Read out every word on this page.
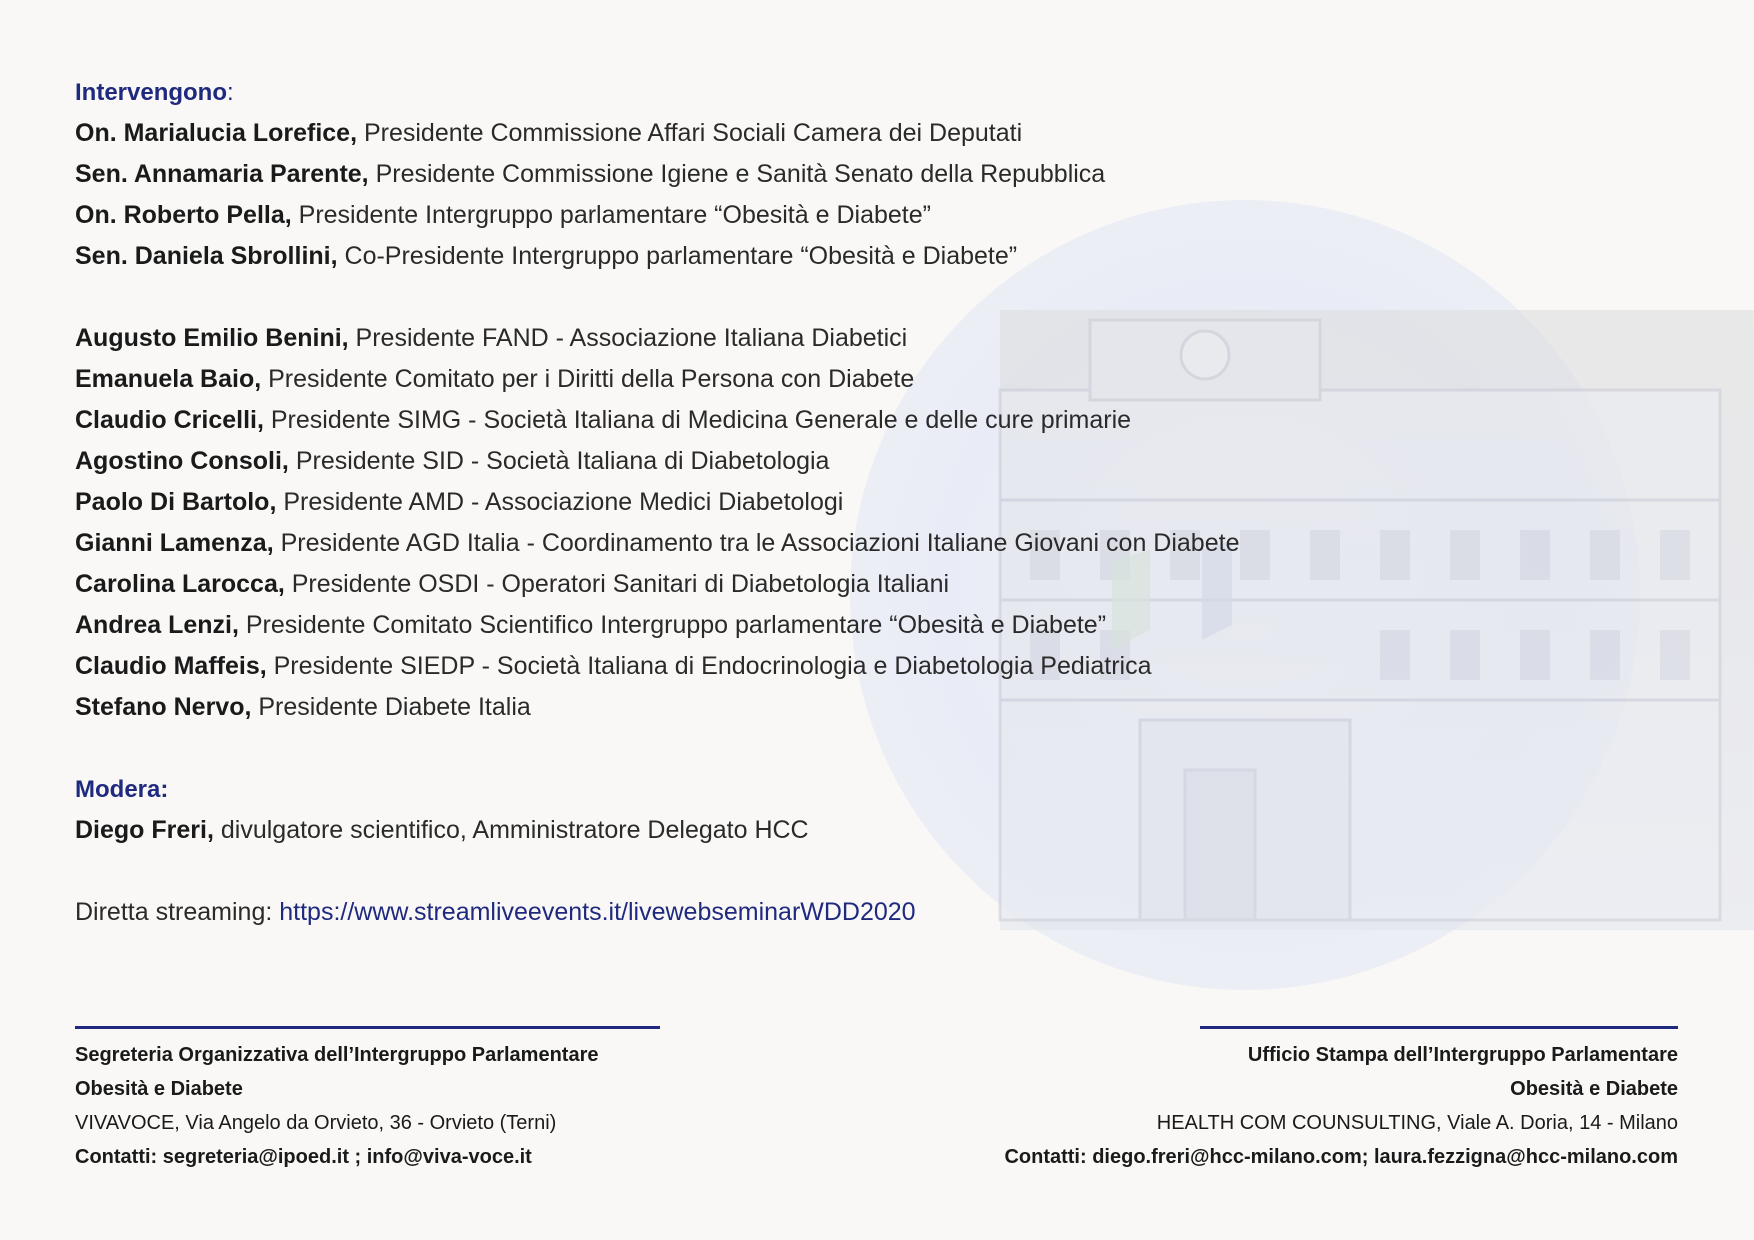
Intervengono:
On. Marialucia Lorefice, Presidente Commissione Affari Sociali Camera dei Deputati
Sen. Annamaria Parente, Presidente Commissione Igiene e Sanità Senato della Repubblica
On. Roberto Pella, Presidente Intergruppo parlamentare “Obesità e Diabete”
Sen. Daniela Sbrollini, Co-Presidente Intergruppo parlamentare “Obesità e Diabete”
Augusto Emilio Benini, Presidente FAND - Associazione Italiana Diabetici
Emanuela Baio, Presidente Comitato per i Diritti della Persona con Diabete
Claudio Cricelli, Presidente SIMG - Società Italiana di Medicina Generale e delle cure primarie
Agostino Consoli, Presidente SID - Società Italiana di Diabetologia
Paolo Di Bartolo, Presidente AMD - Associazione Medici Diabetologi
Gianni Lamenza, Presidente AGD Italia - Coordinamento tra le Associazioni Italiane Giovani con Diabete
Carolina Larocca, Presidente OSDI - Operatori Sanitari di Diabetologia Italiani
Andrea Lenzi, Presidente Comitato Scientifico Intergruppo parlamentare “Obesità e Diabete”
Claudio Maffeis, Presidente SIEDP - Società Italiana di Endocrinologia e Diabetologia Pediatrica
Stefano Nervo, Presidente Diabete Italia
Modera:
Diego Freri, divulgatore scientifico, Amministratore Delegato HCC
Diretta streaming: https://www.streamliveevents.it/livewebseminarWDD2020
Segreteria Organizzativa dell’Intergruppo Parlamentare
Obesità e Diabete
VIVAVOCE, Via Angelo da Orvieto, 36 - Orvieto (Terni)
Contatti: segreteria@ipoed.it ; info@viva-voce.it
Ufficio Stampa dell’Intergruppo Parlamentare
Obesità e Diabete
HEALTH COM COUNSULTING, Viale A. Doria, 14 - Milano
Contatti: diego.freri@hcc-milano.com; laura.fezzigna@hcc-milano.com
